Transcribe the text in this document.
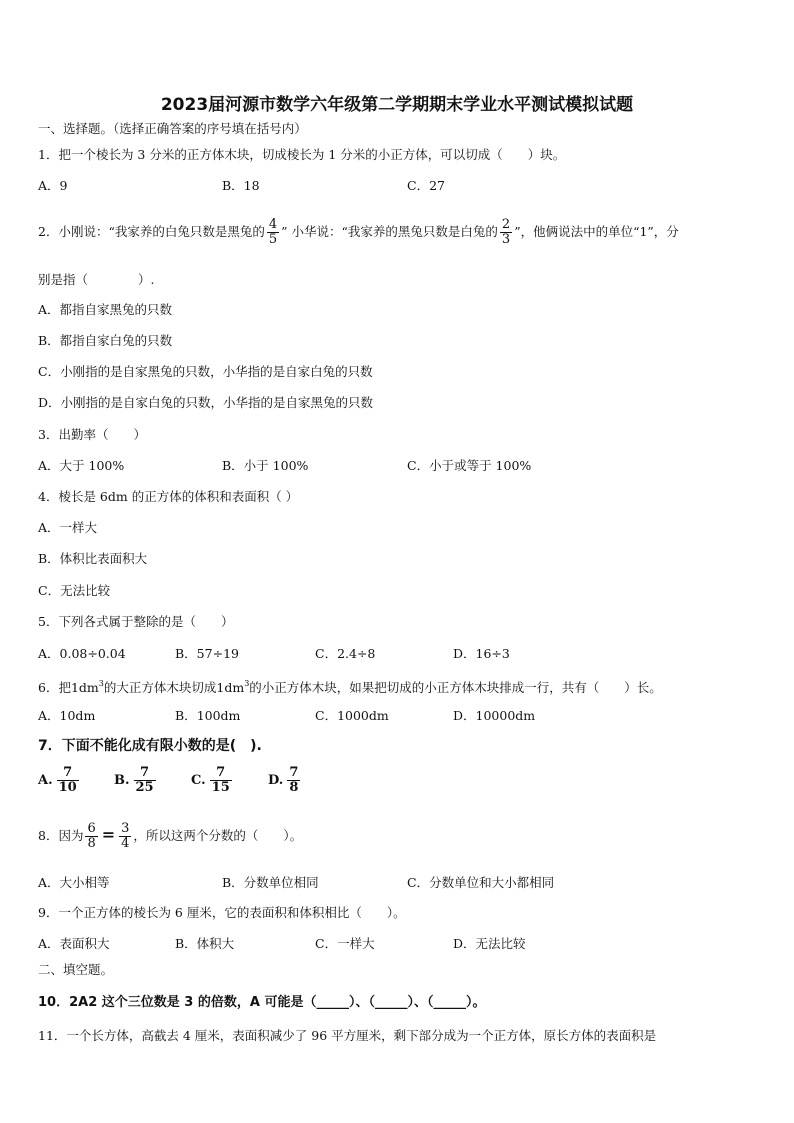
2023届河源市数学六年级第二学期期末学业水平测试模拟试题
一、选择题。（选择正确答案的序号填在括号内）
1．把一个棱长为 3 分米的正方体木块，切成棱长为 1 分米的小正方体，可以切成（　　）块。
A．9	B．18	C．27
2．小刚说：“我家养的白兔只数是黑兔的 $\frac{4}{5}$ ” 小华说：“我家养的黑兔只数是白兔的 $\frac{2}{3}$ ”，他俩说法中的单位“1”，分
别是指（　　　　）.
A．都指自家黑兔的只数
B．都指自家白兔的只数
C．小刚指的是自家黑兔的只数，小华指的是自家白兔的只数
D．小刚指的是自家白兔的只数，小华指的是自家黑兔的只数
3．出勤率（　　）
A．大于 100%	B．小于 100%	C．小于或等于 100%
4．棱长是 6dm 的正方体的体积和表面积（ ）
A．一样大
B．体积比表面积大
C．无法比较
5．下列各式属于整除的是（　　）
A．0.08÷0.04	B．57÷19	C．2.4÷8	D．16÷3
6．把$1dm^3$的大正方体木块切成$1dm^3$的小正方体木块，如果把切成的小正方体木块排成一行，共有（　　）长。
A．10dm	B．100dm	C．1000dm	D．10000dm
7．下面不能化成有限小数的是(　).
A. $\frac{7}{10}$	B. $\frac{7}{25}$	C. $\frac{7}{15}$	D. $\frac{7}{8}$
8．因为 $\frac{6}{8} = \frac{3}{4}$ ，所以这两个分数的（　　）。
A．大小相等	B．分数单位相同	C．分数单位和大小都相同
9．一个正方体的棱长为 6 厘米，它的表面积和体积相比（　　）。
A．表面积大	B．体积大	C．一样大	D．无法比较
二、填空题。
10．2A2 这个三位数是 3 的倍数，A 可能是（_____）、（_____）、（_____）。
11．一个长方体，高截去 4 厘米，表面积减少了 96 平方厘米，剩下部分成为一个正方体，原长方体的表面积是
